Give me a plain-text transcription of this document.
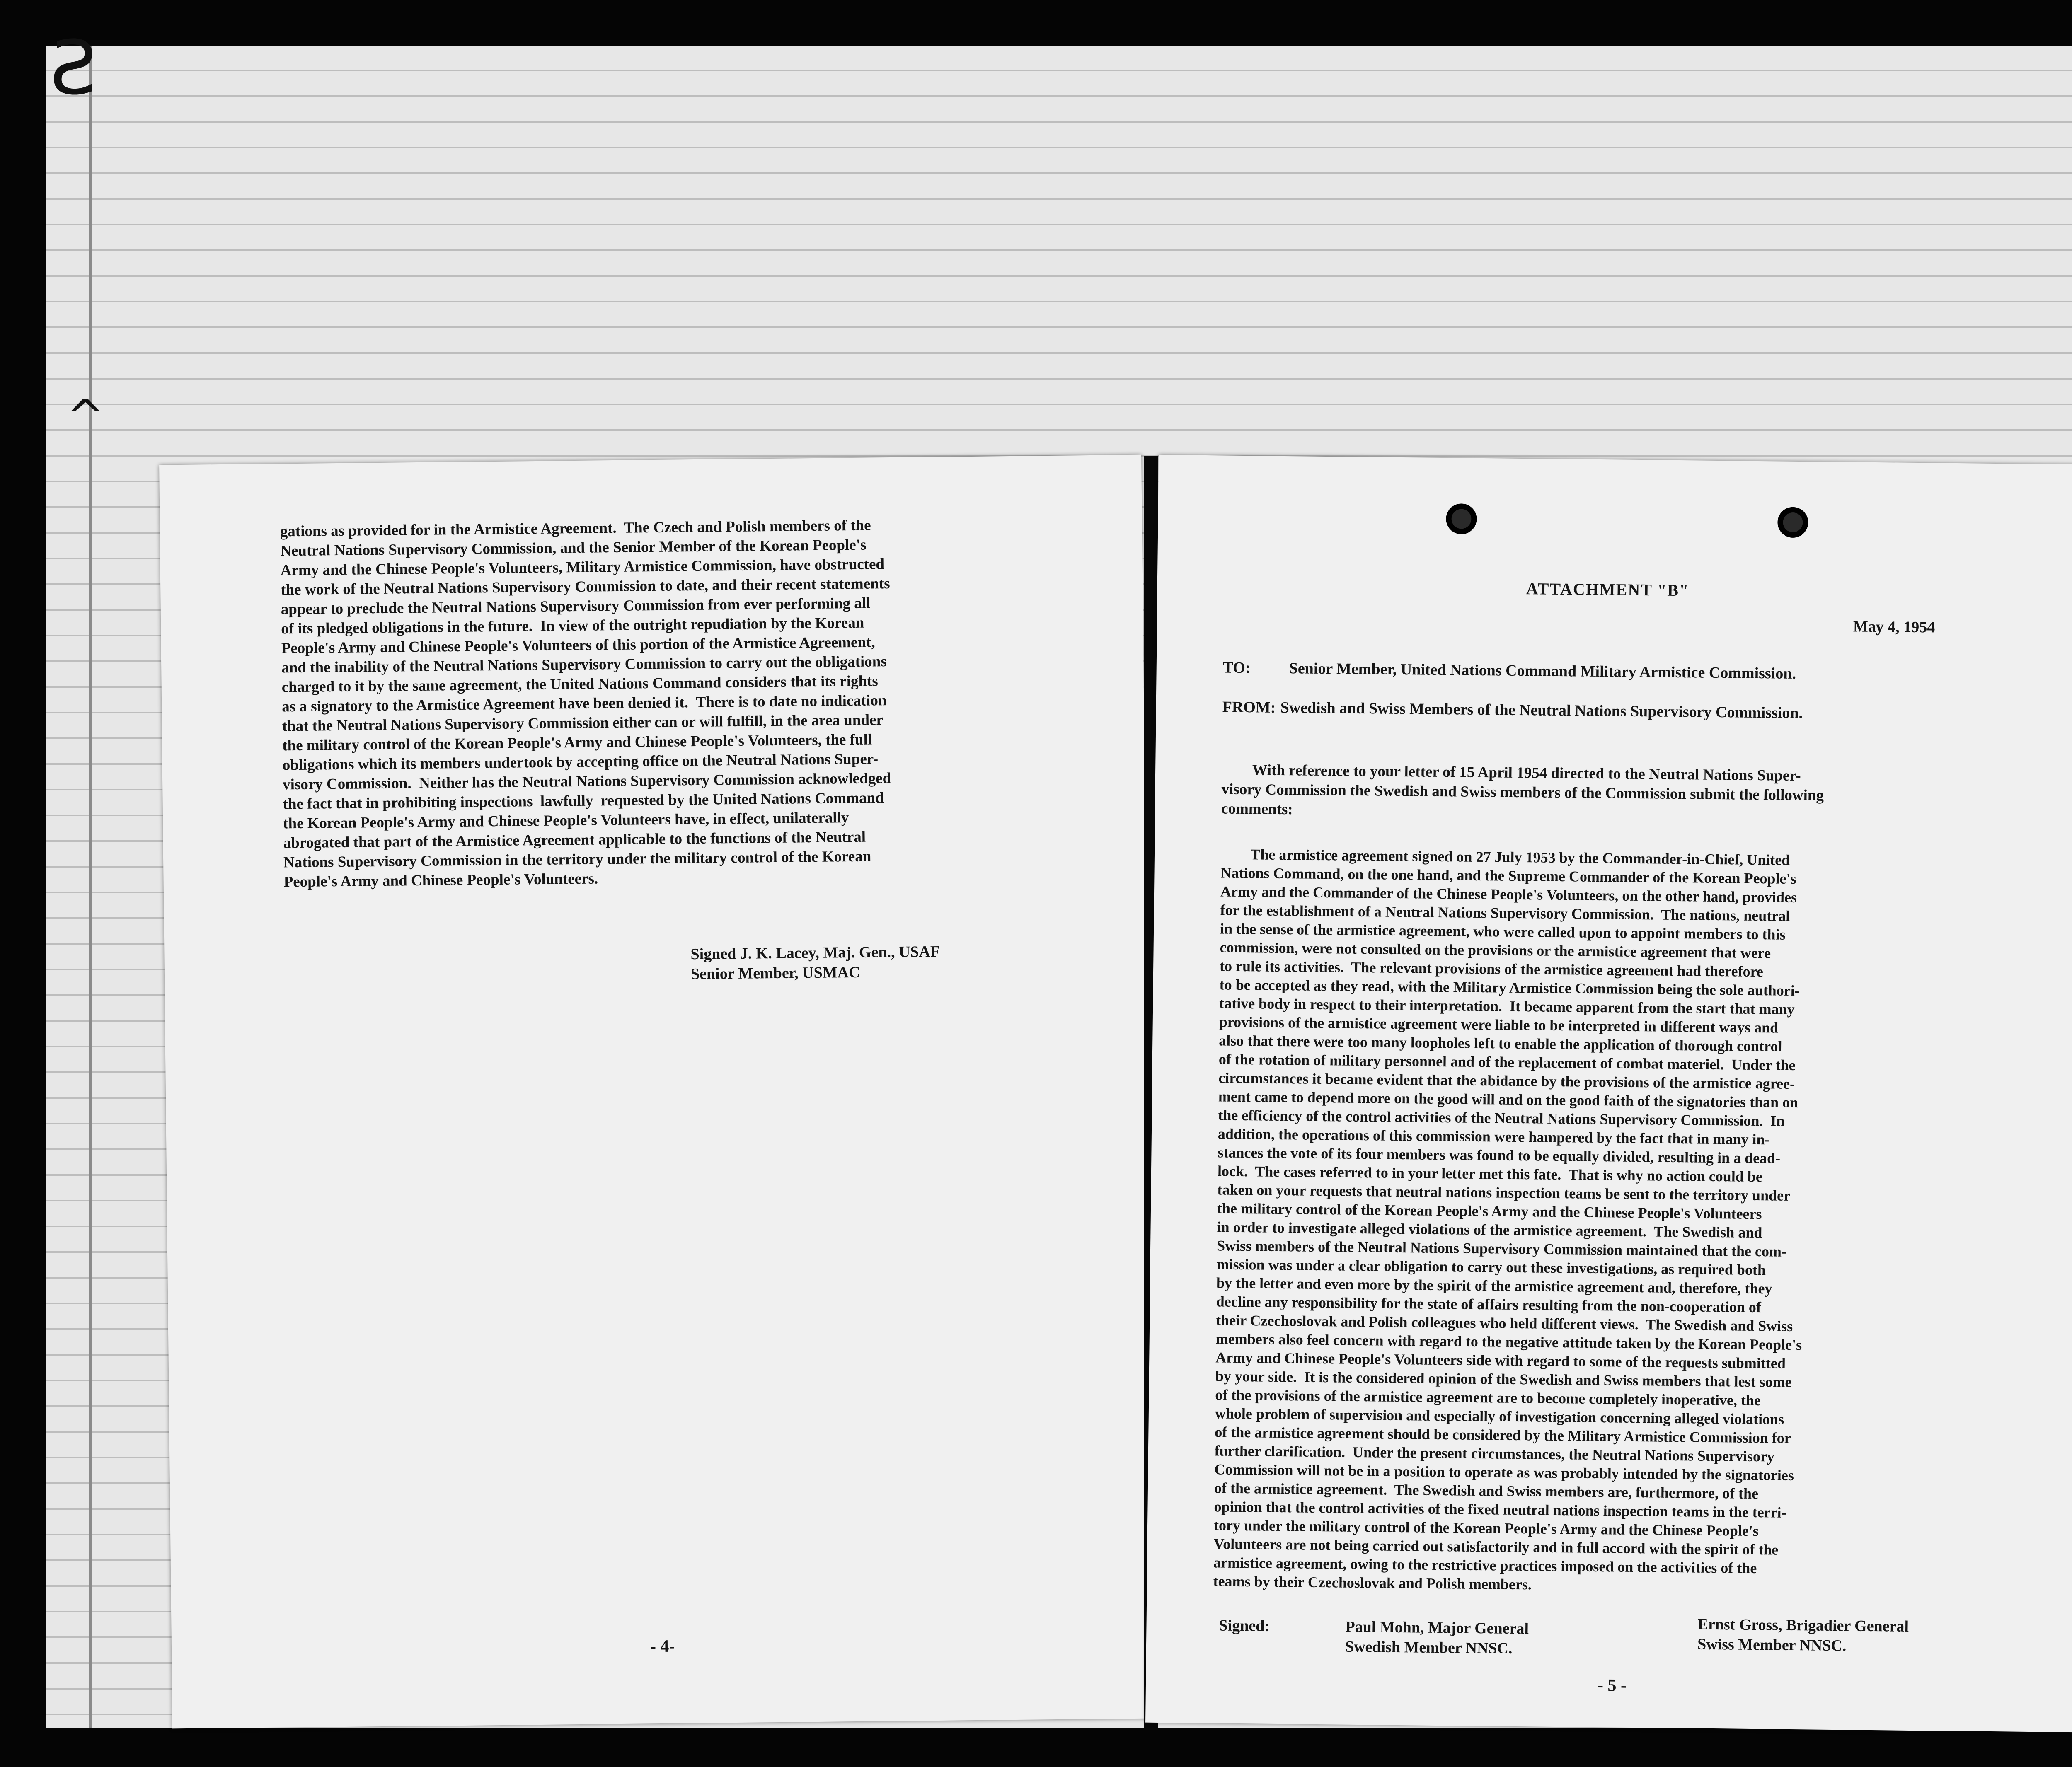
Ƨ
^
gations as provided for in the Armistice Agreement.  The Czech and Polish members of the
Neutral Nations Supervisory Commission, and the Senior Member of the Korean People's
Army and the Chinese People's Volunteers, Military Armistice Commission, have obstructed
the work of the Neutral Nations Supervisory Commission to date, and their recent statements
appear to preclude the Neutral Nations Supervisory Commission from ever performing all
of its pledged obligations in the future.  In view of the outright repudiation by the Korean
People's Army and Chinese People's Volunteers of this portion of the Armistice Agreement,
and the inability of the Neutral Nations Supervisory Commission to carry out the obligations
charged to it by the same agreement, the United Nations Command considers that its rights
as a signatory to the Armistice Agreement have been denied it.  There is to date no indication
that the Neutral Nations Supervisory Commission either can or will fulfill, in the area under
the military control of the Korean People's Army and Chinese People's Volunteers, the full
obligations which its members undertook by accepting office on the Neutral Nations Super-
visory Commission.  Neither has the Neutral Nations Supervisory Commission acknowledged
the fact that in prohibiting inspections  lawfully  requested by the United Nations Command
the Korean People's Army and Chinese People's Volunteers have, in effect, unilaterally
abrogated that part of the Armistice Agreement applicable to the functions of the Neutral
Nations Supervisory Commission in the territory under the military control of the Korean
People's Army and Chinese People's Volunteers.
Signed J. K. Lacey, Maj. Gen., USAF
Senior Member, USMAC
- 4-
ATTACHMENT "B"
May 4, 1954
TO: Senior Member, United Nations Command Military Armistice Commission.
FROM: Swedish and Swiss Members of the Neutral Nations Supervisory Commission.
With reference to your letter of 15 April 1954 directed to the Neutral Nations Super-
visory Commission the Swedish and Swiss members of the Commission submit the following
comments:
The armistice agreement signed on 27 July 1953 by the Commander-in-Chief, United
Nations Command, on the one hand, and the Supreme Commander of the Korean People's
Army and the Commander of the Chinese People's Volunteers, on the other hand, provides
for the establishment of a Neutral Nations Supervisory Commission.  The nations, neutral
in the sense of the armistice agreement, who were called upon to appoint members to this
commission, were not consulted on the provisions or the armistice agreement that were
to rule its activities.  The relevant provisions of the armistice agreement had therefore
to be accepted as they read, with the Military Armistice Commission being the sole authori-
tative body in respect to their interpretation.  It became apparent from the start that many
provisions of the armistice agreement were liable to be interpreted in different ways and
also that there were too many loopholes left to enable the application of thorough control
of the rotation of military personnel and of the replacement of combat materiel.  Under the
circumstances it became evident that the abidance by the provisions of the armistice agree-
ment came to depend more on the good will and on the good faith of the signatories than on
the efficiency of the control activities of the Neutral Nations Supervisory Commission.  In
addition, the operations of this commission were hampered by the fact that in many in-
stances the vote of its four members was found to be equally divided, resulting in a dead-
lock.  The cases referred to in your letter met this fate.  That is why no action could be
taken on your requests that neutral nations inspection teams be sent to the territory under
the military control of the Korean People's Army and the Chinese People's Volunteers
in order to investigate alleged violations of the armistice agreement.  The Swedish and
Swiss members of the Neutral Nations Supervisory Commission maintained that the com-
mission was under a clear obligation to carry out these investigations, as required both
by the letter and even more by the spirit of the armistice agreement and, therefore, they
decline any responsibility for the state of affairs resulting from the non-cooperation of
their Czechoslovak and Polish colleagues who held different views.  The Swedish and Swiss
members also feel concern with regard to the negative attitude taken by the Korean People's
Army and Chinese People's Volunteers side with regard to some of the requests submitted
by your side.  It is the considered opinion of the Swedish and Swiss members that lest some
of the provisions of the armistice agreement are to become completely inoperative, the
whole problem of supervision and especially of investigation concerning alleged violations
of the armistice agreement should be considered by the Military Armistice Commission for
further clarification.  Under the present circumstances, the Neutral Nations Supervisory
Commission will not be in a position to operate as was probably intended by the signatories
of the armistice agreement.  The Swedish and Swiss members are, furthermore, of the
opinion that the control activities of the fixed neutral nations inspection teams in the terri-
tory under the military control of the Korean People's Army and the Chinese People's
Volunteers are not being carried out satisfactorily and in full accord with the spirit of the
armistice agreement, owing to the restrictive practices imposed on the activities of the
teams by their Czechoslovak and Polish members.
Signed:	Paul Mohn, Major General
Swedish Member NNSC.
Ernst Gross, Brigadier General
Swiss Member NNSC.
- 5 -
